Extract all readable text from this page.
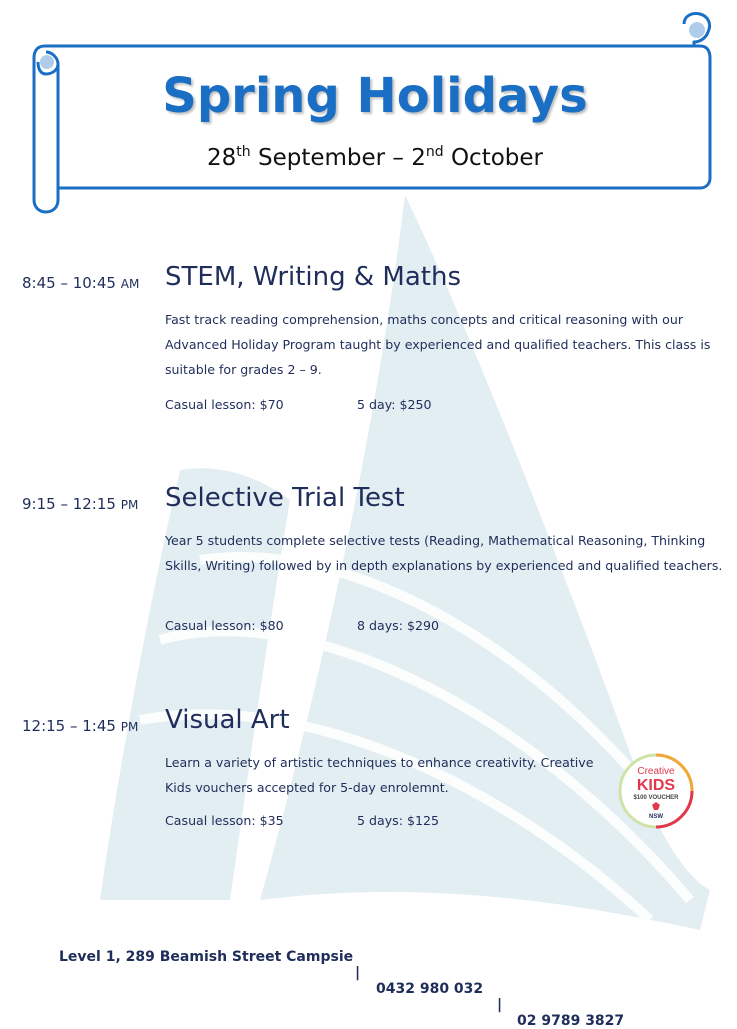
Spring Holidays
28th September – 2nd October
8:45 – 10:45 AM STEM, Writing & Maths
Fast track reading comprehension, maths concepts and critical reasoning with our Advanced Holiday Program taught by experienced and qualified teachers. This class is suitable for grades 2 – 9.
Casual lesson: $70	5 day: $250
9:15 – 12:15 PM	Selective Trial Test
Year 5 students complete selective tests (Reading, Mathematical Reasoning, Thinking Skills, Writing) followed by in depth explanations by experienced and qualified teachers.
Casual lesson: $80	8 days: $290
12:15 – 1:45 PM	Visual Art
Learn a variety of artistic techniques to enhance creativity. Creative Kids vouchers accepted for 5-day enrolemnt.
Casual lesson: $35	5 days: $125
Creative
KIDS
$100 VOUCHER
NSW

Level 1, 289 Beamish Street Campsie

|

0432 980 032

|

02 9789 3827
